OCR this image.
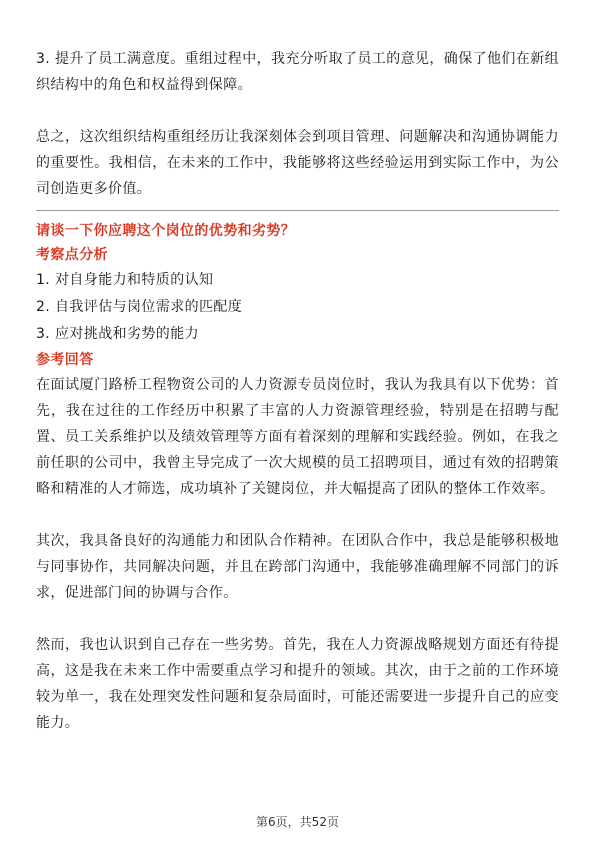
3. 提升了员工满意度。重组过程中，我充分听取了员工的意见，确保了他们在新组织结构中的角色和权益得到保障。

总之，这次组织结构重组经历让我深刻体会到项目管理、问题解决和沟通协调能力的重要性。我相信，在未来的工作中，我能够将这些经验运用到实际工作中，为公司创造更多价值。

请谈一下你应聘这个岗位的优势和劣势？

考察点分析

1. 对自身能力和特质的认知

2. 自我评估与岗位需求的匹配度

3. 应对挑战和劣势的能力

参考回答

在面试厦门路桥工程物资公司的人力资源专员岗位时，我认为我具有以下优势：首先，我在过往的工作经历中积累了丰富的人力资源管理经验，特别是在招聘与配置、员工关系维护以及绩效管理等方面有着深刻的理解和实践经验。例如，在我之前任职的公司中，我曾主导完成了一次大规模的员工招聘项目，通过有效的招聘策略和精准的人才筛选，成功填补了关键岗位，并大幅提高了团队的整体工作效率。

其次，我具备良好的沟通能力和团队合作精神。在团队合作中，我总是能够积极地与同事协作，共同解决问题，并且在跨部门沟通中，我能够准确理解不同部门的诉求，促进部门间的协调与合作。

然而，我也认识到自己存在一些劣势。首先，我在人力资源战略规划方面还有待提高，这是我在未来工作中需要重点学习和提升的领域。其次，由于之前的工作环境较为单一，我在处理突发性问题和复杂局面时，可能还需要进一步提升自己的应变能力。

第6页，共52页
